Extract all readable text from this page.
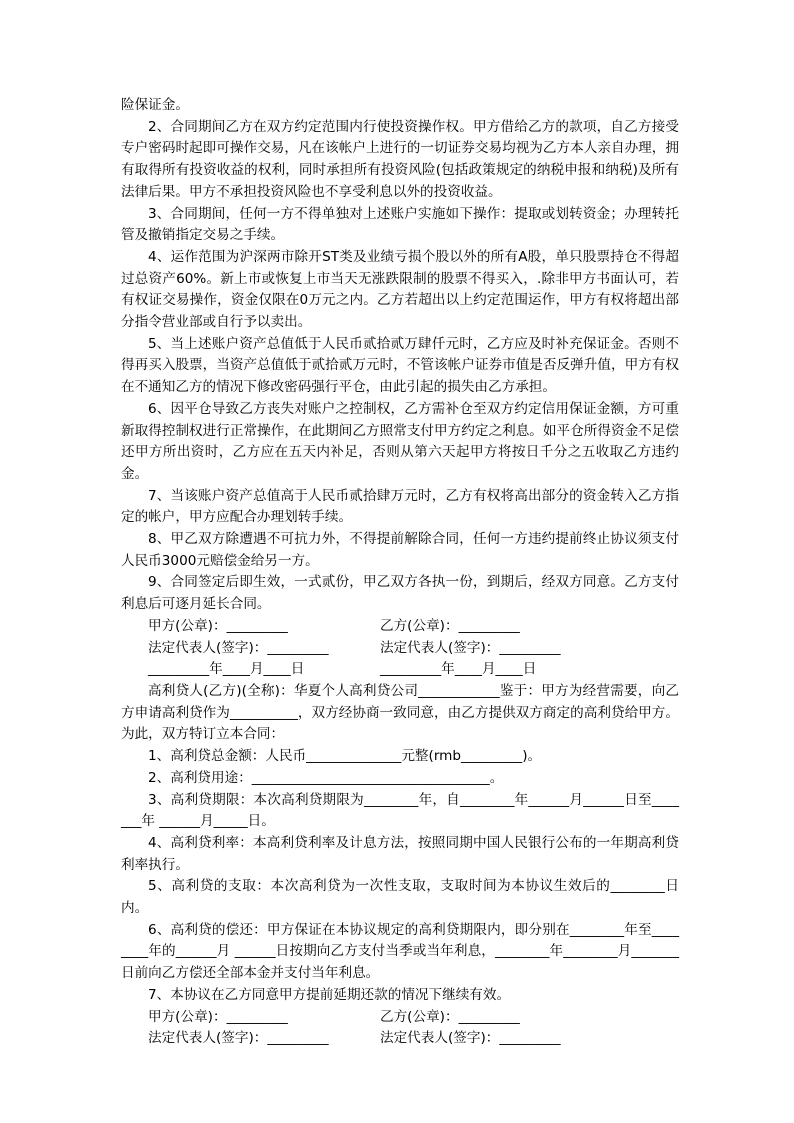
险保证金。

2、合同期间乙方在双方约定范围内行使投资操作权。甲方借给乙方的款项，自乙方接受专户密码时起即可操作交易，凡在该帐户上进行的一切证券交易均视为乙方本人亲自办理，拥有取得所有投资收益的权利，同时承担所有投资风险(包括政策规定的纳税申报和纳税)及所有法律后果。甲方不承担投资风险也不享受利息以外的投资收益。

3、合同期间，任何一方不得单独对上述账户实施如下操作：提取或划转资金；办理转托管及撤销指定交易之手续。

4、运作范围为沪深两市除开ST类及业绩亏损个股以外的所有A股，单只股票持仓不得超过总资产60%。新上市或恢复上市当天无涨跌限制的股票不得买入，.除非甲方书面认可，若有权证交易操作，资金仅限在0万元之内。乙方若超出以上约定范围运作，甲方有权将超出部分指令营业部或自行予以卖出。

5、当上述账户资产总值低于人民币贰拾贰万肆仟元时，乙方应及时补充保证金。否则不得再买入股票，当资产总值低于贰拾贰万元时，不管该帐户证券市值是否反弹升值，甲方有权在不通知乙方的情况下修改密码强行平仓，由此引起的损失由乙方承担。

6、因平仓导致乙方丧失对账户之控制权，乙方需补仓至双方约定信用保证金额，方可重新取得控制权进行正常操作，在此期间乙方照常支付甲方约定之利息。如平仓所得资金不足偿还甲方所出资时，乙方应在五天内补足，否则从第六天起甲方将按日千分之五收取乙方违约金。

7、当该账户资产总值高于人民币贰拾肆万元时，乙方有权将高出部分的资金转入乙方指定的帐户，甲方应配合办理划转手续。

8、甲乙双方除遭遇不可抗力外，不得提前解除合同，任何一方违约提前终止协议须支付人民币3000元赔偿金给另一方。

9、合同签定后即生效，一式贰份，甲乙双方各执一份，到期后，经双方同意。乙方支付利息后可逐月延长合同。

甲方(公章)：_________	乙方(公章)：_________
法定代表人(签字)：_________	法定代表人(签字)：_________
_________年____月____日	_________年____月____日

高利贷人(乙方)(全称)：华夏个人高利贷公司____________鉴于：甲方为经营需要，向乙方申请高利贷作为__________，双方经协商一致同意，由乙方提供双方商定的高利贷给甲方。为此，双方特订立本合同：

1、高利贷总金额：人民币______________元整(rmb_________)。

2、高利贷用途：___________________________________。

3、高利贷期限：本次高利贷期限为________年，自________年______月______日至_______年 ______月_____日。

4、高利贷利率：本高利贷利率及计息方法，按照同期中国人民银行公布的一年期高利贷利率执行。

5、高利贷的支取：本次高利贷为一次性支取，支取时间为本协议生效后的________日内。

6、高利贷的偿还：甲方保证在本协议规定的高利贷期限内，即分别在________年至________年的______月 ______日按期向乙方支付当季或当年利息，________年________月_______日前向乙方偿还全部本金并支付当年利息。

7、本协议在乙方同意甲方提前延期还款的情况下继续有效。

甲方(公章)：_________	乙方(公章)：_________
法定代表人(签字)：_________	法定代表人(签字)：_________
